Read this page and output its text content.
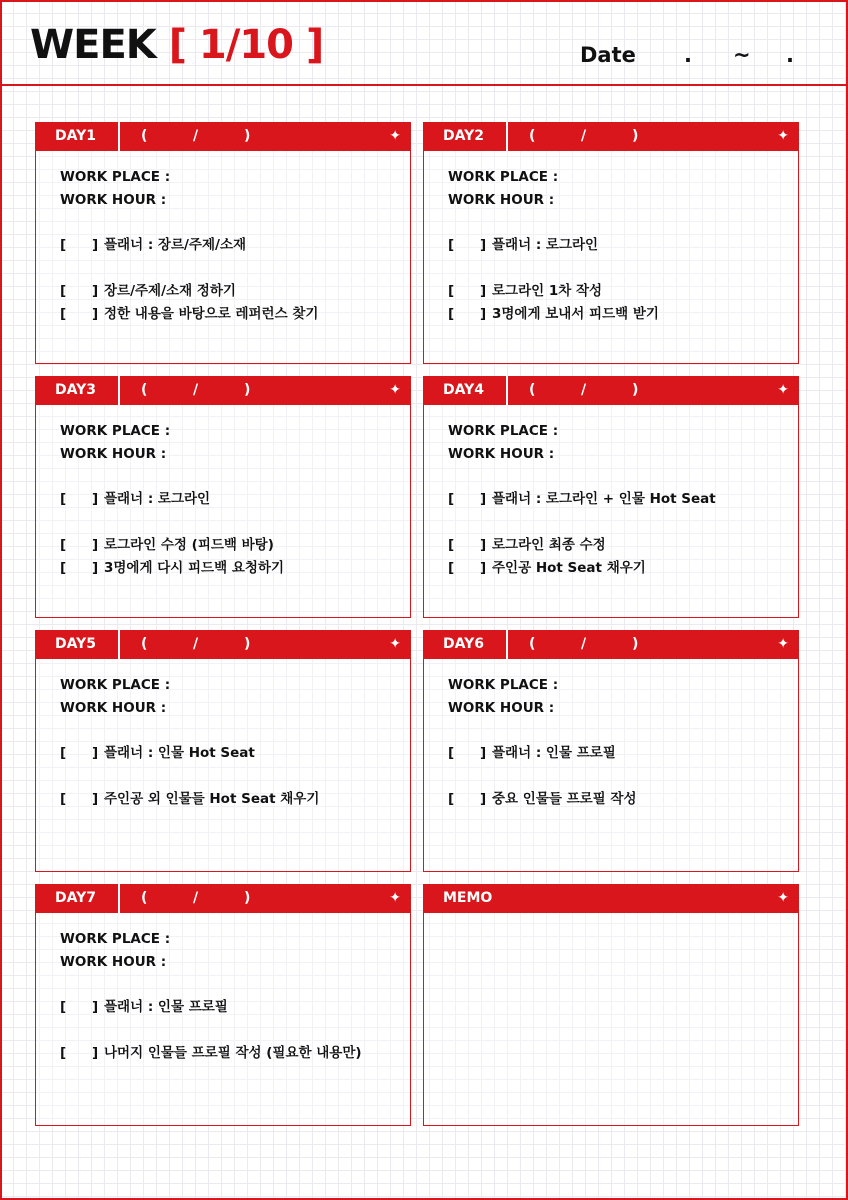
WEEK [ 1/10 ]	Date . ~ .
DAY1	(	/	)	✦
WORK PLACE :
WORK HOUR :
[ ] 플래너 : 장르/주제/소재
[ ] 장르/주제/소재 정하기
[ ] 정한 내용을 바탕으로 레퍼런스 찾기
DAY2	(	/	)	✦
WORK PLACE :
WORK HOUR :
[ ] 플래너 : 로그라인
[ ] 로그라인 1차 작성
[ ] 3명에게 보내서 피드백 받기
DAY3	(	/	)	✦
WORK PLACE :
WORK HOUR :
[ ] 플래너 : 로그라인
[ ] 로그라인 수정 (피드백 바탕)
[ ] 3명에게 다시 피드백 요청하기
DAY4	(	/	)	✦
WORK PLACE :
WORK HOUR :
[ ] 플래너 : 로그라인 + 인물 Hot Seat
[ ] 로그라인 최종 수정
[ ] 주인공 Hot Seat 채우기
DAY5	(	/	)	✦
WORK PLACE :
WORK HOUR :
[ ] 플래너 : 인물 Hot Seat
[ ] 주인공 외 인물들 Hot Seat 채우기
DAY6	(	/	)	✦
WORK PLACE :
WORK HOUR :
[ ] 플래너 : 인물 프로필
[ ] 중요 인물들 프로필 작성
DAY7	(	/	)	✦
WORK PLACE :
WORK HOUR :
[ ] 플래너 : 인물 프로필
[ ] 나머지 인물들 프로필 작성 (필요한 내용만)
MEMO	✦
